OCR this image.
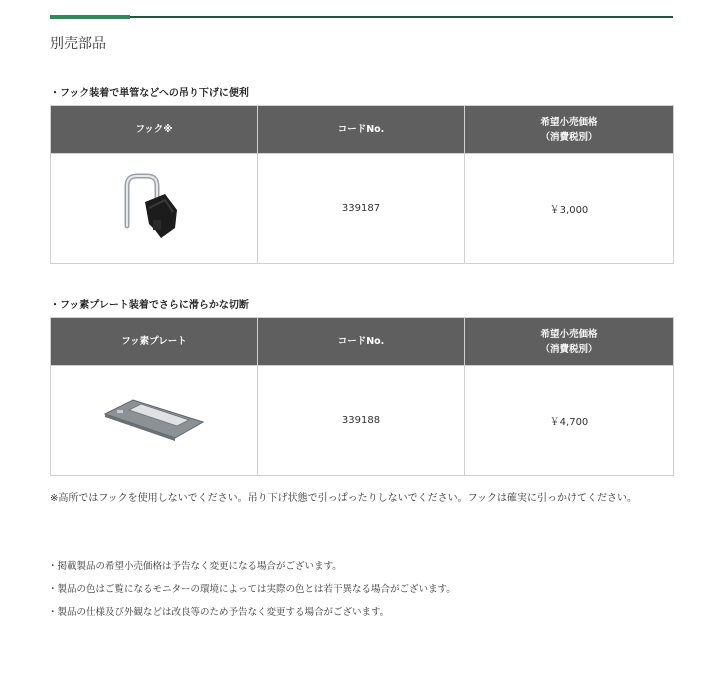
別売部品
・フック装着で単管などへの吊り下げに便利
フック※	コードNo.	希望小売価格
（消費税別）

	339187	￥3,000
・フッ素プレート装着でさらに滑らかな切断
フッ素プレート	コードNo.	希望小売価格
（消費税別）

	339188	￥4,700
※高所ではフックを使用しないでください。吊り下げ状態で引っぱったりしないでください。フックは確実に引っかけてください。
・掲載製品の希望小売価格は予告なく変更になる場合がございます。
・製品の色はご覧になるモニターの環境によっては実際の色とは若干異なる場合がございます。
・製品の仕様及び外観などは改良等のため予告なく変更する場合がございます。
